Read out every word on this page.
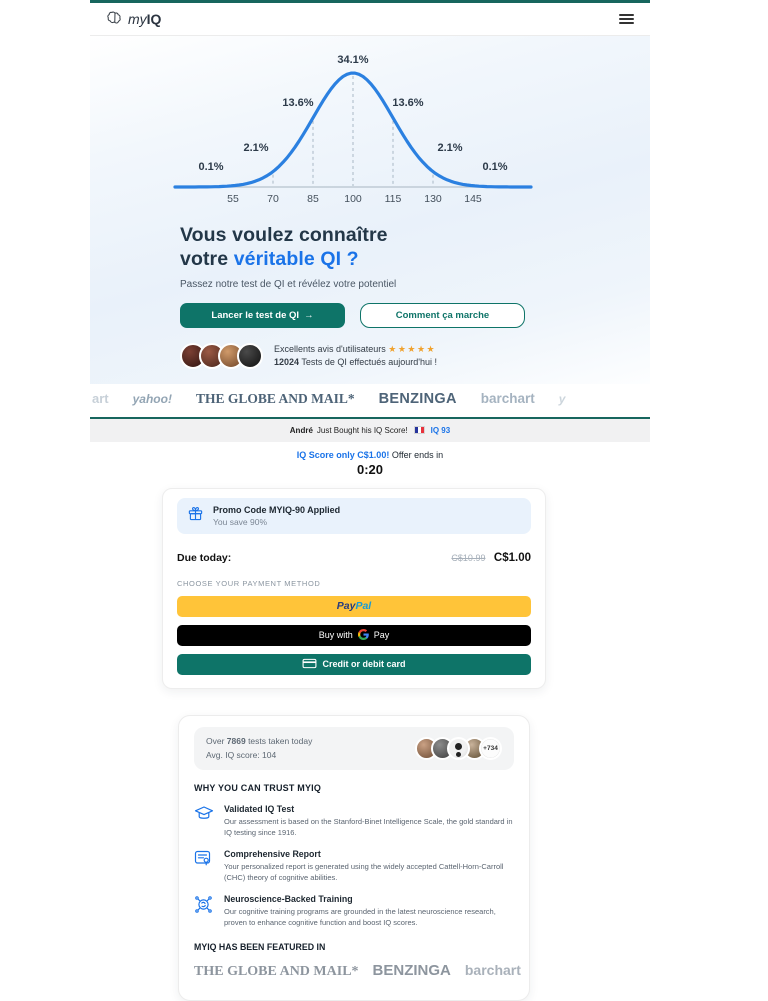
myIQ
55	70	85 100 115 130 145
0.1%
2.1%
13.6%
34.1%
13.6%
2.1%
0.1%
Vous voulez connaître
votre véritable QI ?
Passez notre test de QI et révélez votre potentiel
Lancer le test de QI →	Comment ça marche
Excellents avis d'utilisateurs ★★★★★
12024 Tests de QI effectués aujourd'hui !
art yahoo! THE GLOBE AND MAIL* BENZINGA barchart y
André Just Bought his IQ Score!	IQ 93
IQ Score only C$1.00! Offer ends in
0:20
Promo Code MYIQ-90 Applied
You save 90%
Due today:	C$10.99 C$1.00
CHOOSE YOUR PAYMENT METHOD
PayPal
Buy with Pay
Credit or debit card
Over 7869 tests taken today
Avg. IQ score: 104
+734
WHY YOU CAN TRUST MYIQ
Validated IQ Test
Our assessment is based on the Stanford-Binet Intelligence Scale, the gold standard in IQ testing since 1916.
Comprehensive Report
Your personalized report is generated using the widely accepted Cattell-Horn-Carroll (CHC) theory of cognitive abilities.
Neuroscience-Backed Training
Our cognitive training programs are grounded in the latest neuroscience research, proven to enhance cognitive function and boost IQ scores.
MYIQ HAS BEEN FEATURED IN
THE GLOBE AND MAIL* BENZINGA barchart
